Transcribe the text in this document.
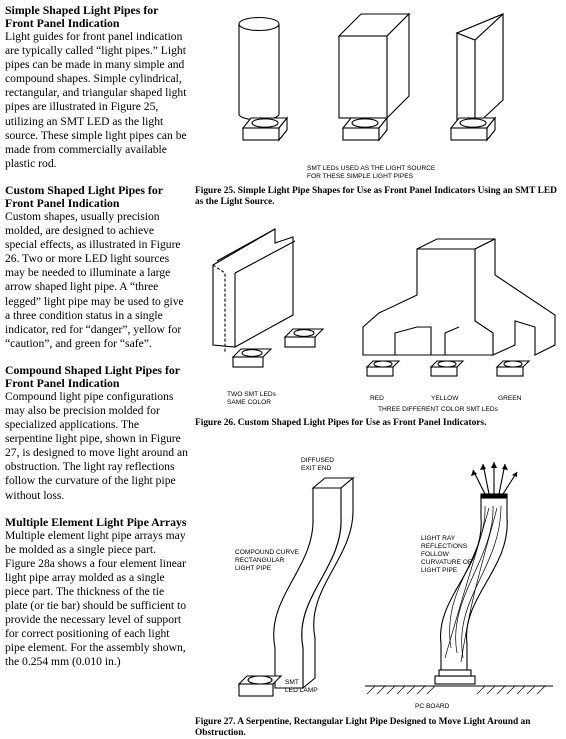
Simple Shaped Light Pipes for Front Panel Indication

Light guides for front panel indication are typically called “light pipes.” Light pipes can be made in many simple and compound shapes. Simple cylindrical, rectangular, and triangular shaped light pipes are illustrated in Figure 25, utilizing an SMT LED as the light source. These simple light pipes can be made from commercially available plastic rod.

Custom Shaped Light Pipes for Front Panel Indication

Custom shapes, usually precision molded, are designed to achieve special effects, as illustrated in Figure 26. Two or more LED light sources may be needed to illuminate a large arrow shaped light pipe. A “three legged” light pipe may be used to give a three condition status in a single indicator, red for “danger”, yellow for “caution”, and green for “safe”.

Compound Shaped Light Pipes for Front Panel Indication

Compound light pipe configurations may also be precision molded for specialized applications. The serpentine light pipe, shown in Figure 27, is designed to move light around an obstruction. The light ray reflections follow the curvature of the light pipe without loss.

Multiple Element Light Pipe Arrays

Multiple element light pipe arrays may be molded as a single piece part. Figure 28a shows a four element linear light pipe array molded as a single piece part. The thickness of the tie plate (or tie bar) should be sufficient to provide the necessary level of support for correct positioning of each light pipe element. For the assembly shown, the 0.254 mm (0.010 in.)

SMT LEDs USED AS THE LIGHT SOURCE
FOR THESE SIMPLE LIGHT PIPES
Figure 25. Simple Light Pipe Shapes for Use as Front Panel Indicators Using an SMT LED as the Light Source.
TWO SMT LEDs
SAME COLOR
RED	YELLOW	GREEN
THREE DIFFERENT COLOR SMT LEDs
Figure 26. Custom Shaped Light Pipes for Use as Front Panel Indicators.
DIFFUSED
EXIT END
COMPOUND CURVE
RECTANGULAR
LIGHT PIPE
LIGHT RAY
REFLECTIONS
FOLLOW
CURVATURE OF
LIGHT PIPE
SMT
LED LAMP
PC BOARD
Figure 27. A Serpentine, Rectangular Light Pipe Designed to Move Light Around an Obstruction.
树莓派设计
